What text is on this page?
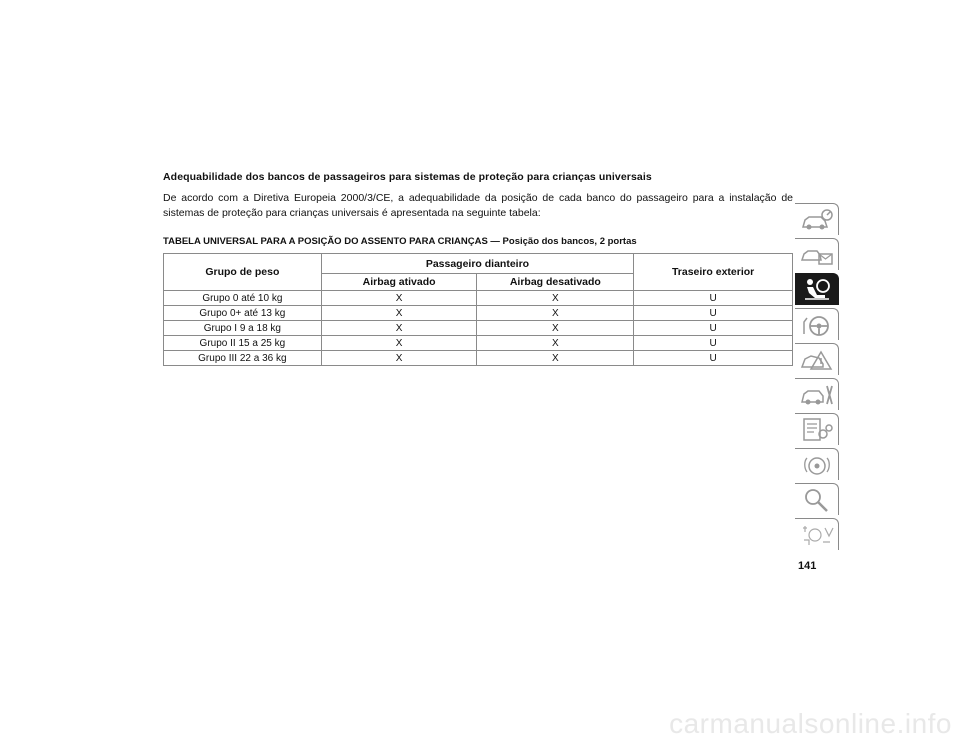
Adequabilidade dos bancos de passageiros para sistemas de proteção para crianças universais
De acordo com a Diretiva Europeia 2000/3/CE, a adequabilidade da posição de cada banco do passageiro para a instalação de sistemas de proteção para crianças universais é apresentada na seguinte tabela:
TABELA UNIVERSAL PARA A POSIÇÃO DO ASSENTO PARA CRIANÇAS — Posição dos bancos, 2 portas
Grupo de peso	Passageiro dianteiro		Traseiro exterior
	Airbag ativado	Airbag desativado	
Grupo 0 até 10 kg	X	X	U
Grupo 0+ até 13 kg	X	X	U
Grupo I 9 a 18 kg	X	X	U
Grupo II 15 a 25 kg	X	X	U
Grupo III 22 a 36 kg	X	X	U
141
carmanualsonline.info
